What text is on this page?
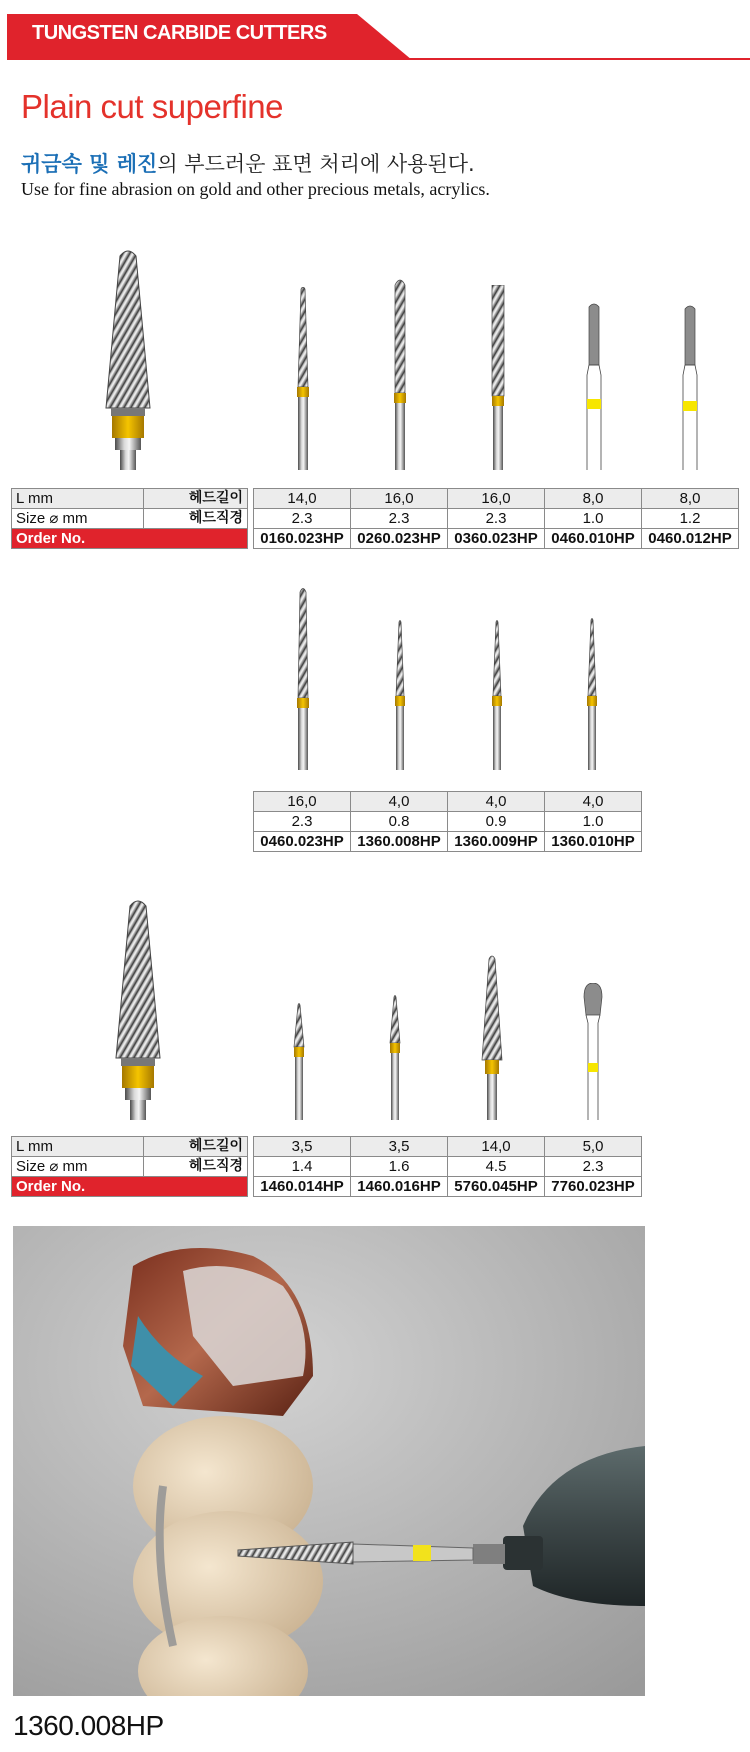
TUNGSTEN CARBIDE CUTTERS
Plain cut superfine
귀금속 및 레진의 부드러운 표면 처리에 사용된다.
Use for fine abrasion on gold and other precious metals, acrylics.
L mm	헤드길이
Size ⌀ mm	헤드직경
Order No.	
14,0	16,0	16,0	8,0	8,0
2.3	2.3	2.3	1.0	1.2
0160.023HP	0260.023HP	0360.023HP	0460.010HP	0460.012HP
16,0	4,0	4,0	4,0
2.3	0.8	0.9	1.0
0460.023HP	1360.008HP	1360.009HP	1360.010HP
L mm	헤드길이
Size ⌀ mm	헤드직경
Order No.	
3,5	3,5	14,0	5,0
1.4	1.6	4.5	2.3
1460.014HP	1460.016HP	5760.045HP	7760.023HP
1360.008HP
